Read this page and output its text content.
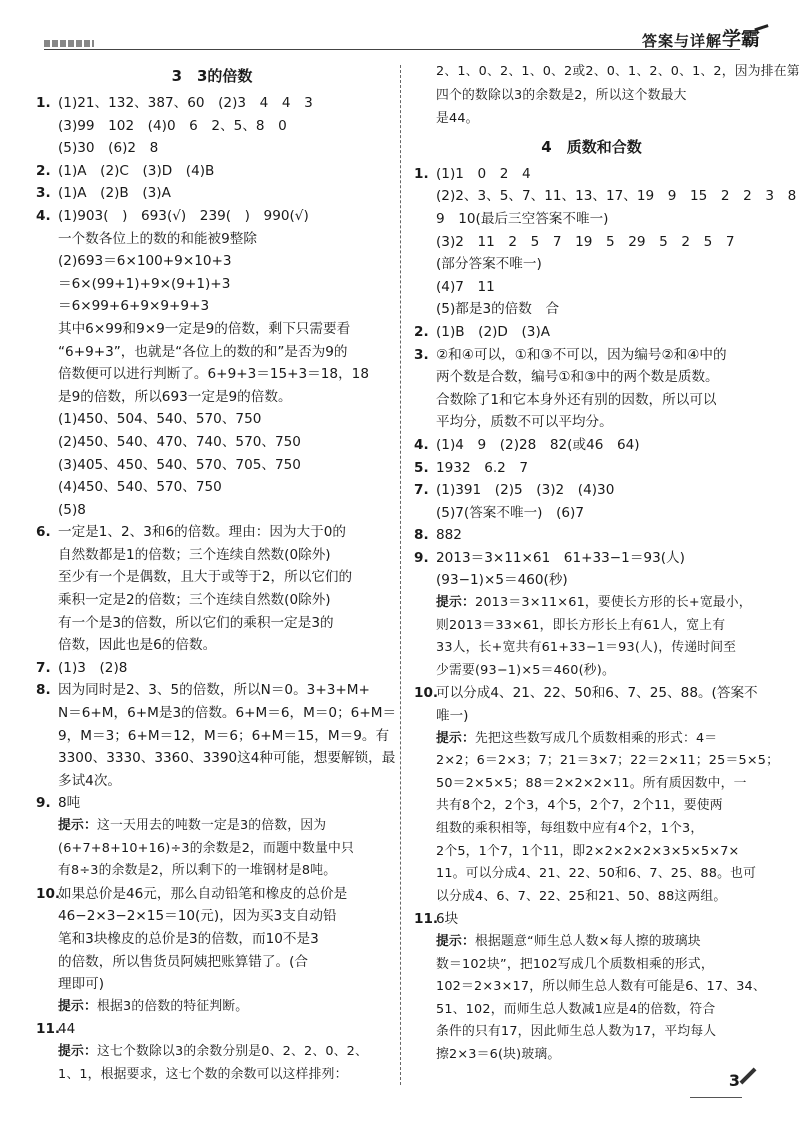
答案与详解 学霸
3　3的倍数
1. (1)21、132、387、60　(2)3　4　4　3
(3)99　102　(4)0　6　2、5、8　0
(5)30　(6)2　8
2. (1)A　(2)C　(3)D　(4)B
3. (1)A　(2)B　(3)A
4. (1)903(　)　693(√)　239(　)　990(√)
一个数各位上的数的和能被9整除
(2)693＝6×100+9×10+3
＝6×(99+1)+9×(9+1)+3
＝6×99+6+9×9+9+3
其中6×99和9×9一定是9的倍数，剩下只需要看
“6+9+3”，也就是“各位上的数的和”是否为9的
倍数便可以进行判断了。6+9+3＝15+3＝18，18
是9的倍数，所以693一定是9的倍数。
(1)450、504、540、570、750
(2)450、540、470、740、570、750
(3)405、450、540、570、705、750
(4)450、540、570、750
(5)8
6. 一定是1、2、3和6的倍数。理由：因为大于0的
自然数都是1的倍数；三个连续自然数(0除外)
至少有一个是偶数，且大于或等于2，所以它们的
乘积一定是2的倍数；三个连续自然数(0除外)
有一个是3的倍数，所以它们的乘积一定是3的
倍数，因此也是6的倍数。
7. (1)3　(2)8
8. 因为同时是2、3、5的倍数，所以N＝0。3+3+M+
N＝6+M，6+M是3的倍数。6+M＝6，M＝0；6+M＝
9，M＝3；6+M＝12，M＝6；6+M＝15，M＝9。有
3300、3330、3360、3390这4种可能，想要解锁，最
多试4次。
9. 8吨
提示：这一天用去的吨数一定是3的倍数，因为
(6+7+8+10+16)÷3的余数是2，而题中数量中只
有8÷3的余数是2，所以剩下的一堆钢材是8吨。
10.
如果总价是46元，那么自动铅笔和橡皮的总价是
46−2×3−2×15＝10(元)，因为买3支自动铅
笔和3块橡皮的总价是3的倍数，而10不是3
的倍数，所以售货员阿姨把账算错了。(合
理即可)
提示：根据3的倍数的特征判断。
11.
44
提示：这七个数除以3的余数分别是0、2、2、0、2、
1、1，根据要求，这七个数的余数可以这样排列：
2、1、0、2、1、0、2或2、0、1、2、0、1、2，因为排在第
四个的数除以3的余数是2，所以这个数最大
是44。
4　质数和合数
1. (1)1　0　2　4
(2)2、3、5、7、11、13、17、19　9　15　2　2　3　8
9　10(最后三空答案不唯一)
(3)2　11　2　5　7　19　5　29　5　2　5　7
(部分答案不唯一)
(4)7　11
(5)都是3的倍数　合
2. (1)B　(2)D　(3)A
3. ②和④可以，①和③不可以，因为编号②和④中的
两个数是合数，编号①和③中的两个数是质数。
合数除了1和它本身外还有别的因数，所以可以
平均分，质数不可以平均分。
4. (1)4　9　(2)28　82(或46　64)
5. 1932　6.2　7
7. (1)391　(2)5　(3)2　(4)30
(5)7(答案不唯一)　(6)7
8. 882
9. 2013＝3×11×61　61+33−1＝93(人)
(93−1)×5＝460(秒)
提示：2013＝3×11×61，要使长方形的长+宽最小，
则2013＝33×61，即长方形长上有61人，宽上有
33人，长+宽共有61+33−1＝93(人)，传递时间至
少需要(93−1)×5＝460(秒)。
10.
可以分成4、21、22、50和6、7、25、88。(答案不
唯一)
提示：先把这些数写成几个质数相乘的形式：4＝
2×2；6＝2×3；7；21＝3×7；22＝2×11；25＝5×5；
50＝2×5×5；88＝2×2×2×11。所有质因数中，一
共有8个2，2个3，4个5，2个7，2个11，要使两
组数的乘积相等，每组数中应有4个2，1个3，
2个5，1个7，1个11，即2×2×2×2×3×5×5×7×
11。可以分成4、21、22、50和6、7、25、88。也可
以分成4、6、7、22、25和21、50、88这两组。
11.
6块
提示：根据题意“师生总人数×每人擦的玻璃块
数＝102块”，把102写成几个质数相乘的形式，
102＝2×3×17，所以师生总人数有可能是6、17、34、
51、102，而师生总人数减1应是4的倍数，符合
条件的只有17，因此师生总人数为17，平均每人
擦2×3＝6(块)玻璃。
3
